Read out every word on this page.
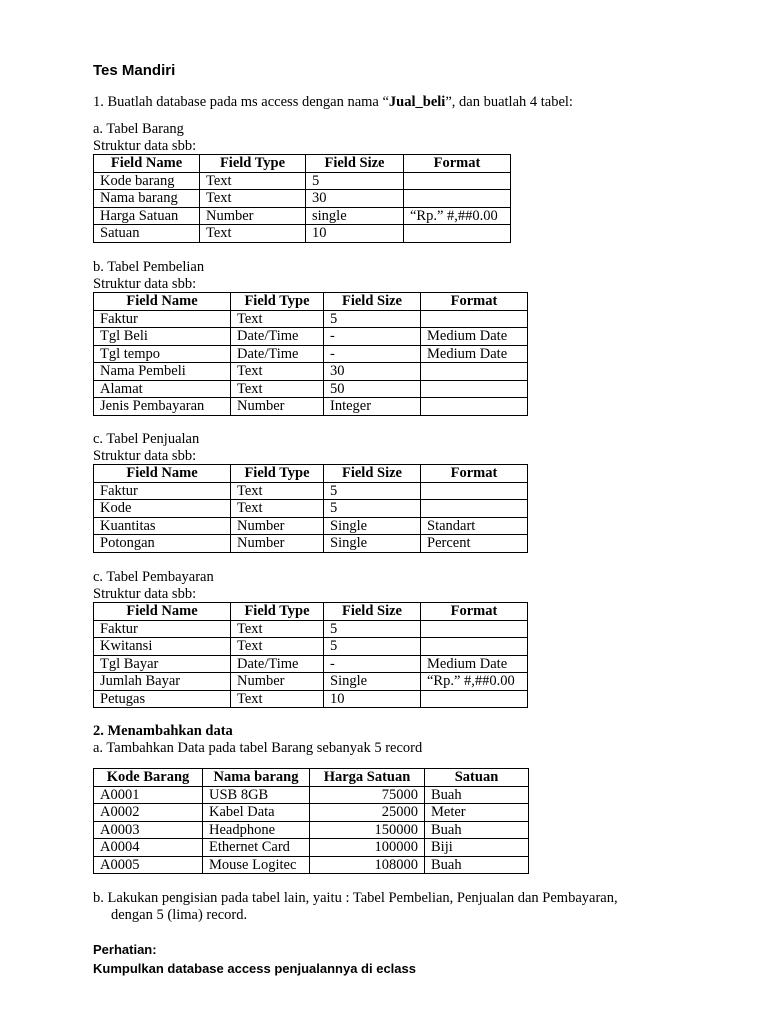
Tes Mandiri
1. Buatlah database pada ms access dengan nama “Jual_beli”, dan buatlah 4 tabel:
a. Tabel Barang
Struktur data sbb:
Field Name	Field Type	Field Size	Format
Kode barang	Text	5	
Nama barang	Text	30	
Harga Satuan	Number	single	“Rp.” #,##0.00
Satuan	Text	10	
b. Tabel Pembelian
Struktur data sbb:
Field Name	Field Type	Field Size	Format
Faktur	Text	5	
Tgl Beli	Date/Time	-	Medium Date
Tgl tempo	Date/Time	-	Medium Date
Nama Pembeli	Text	30	
Alamat	Text	50	
Jenis Pembayaran	Number	Integer	
c. Tabel Penjualan
Struktur data sbb:
Field Name	Field Type	Field Size	Format
Faktur	Text	5	
Kode	Text	5	
Kuantitas	Number	Single	Standart
Potongan	Number	Single	Percent
c. Tabel Pembayaran
Struktur data sbb:
Field Name	Field Type	Field Size	Format
Faktur	Text	5	
Kwitansi	Text	5	
Tgl Bayar	Date/Time	-	Medium Date
Jumlah Bayar	Number	Single	“Rp.” #,##0.00
Petugas	Text	10	
2. Menambahkan data
a. Tambahkan Data pada tabel Barang sebanyak 5 record
Kode Barang	Nama barang	Harga Satuan	Satuan
A0001	USB 8GB	75000	Buah
A0002	Kabel Data	25000	Meter
A0003	Headphone	150000	Buah
A0004	Ethernet Card	100000	Biji
A0005	Mouse Logitec	108000	Buah
b. Lakukan pengisian pada tabel lain, yaitu : Tabel Pembelian, Penjualan dan Pembayaran,
dengan 5 (lima) record.
Perhatian:
Kumpulkan database access penjualannya di eclass
